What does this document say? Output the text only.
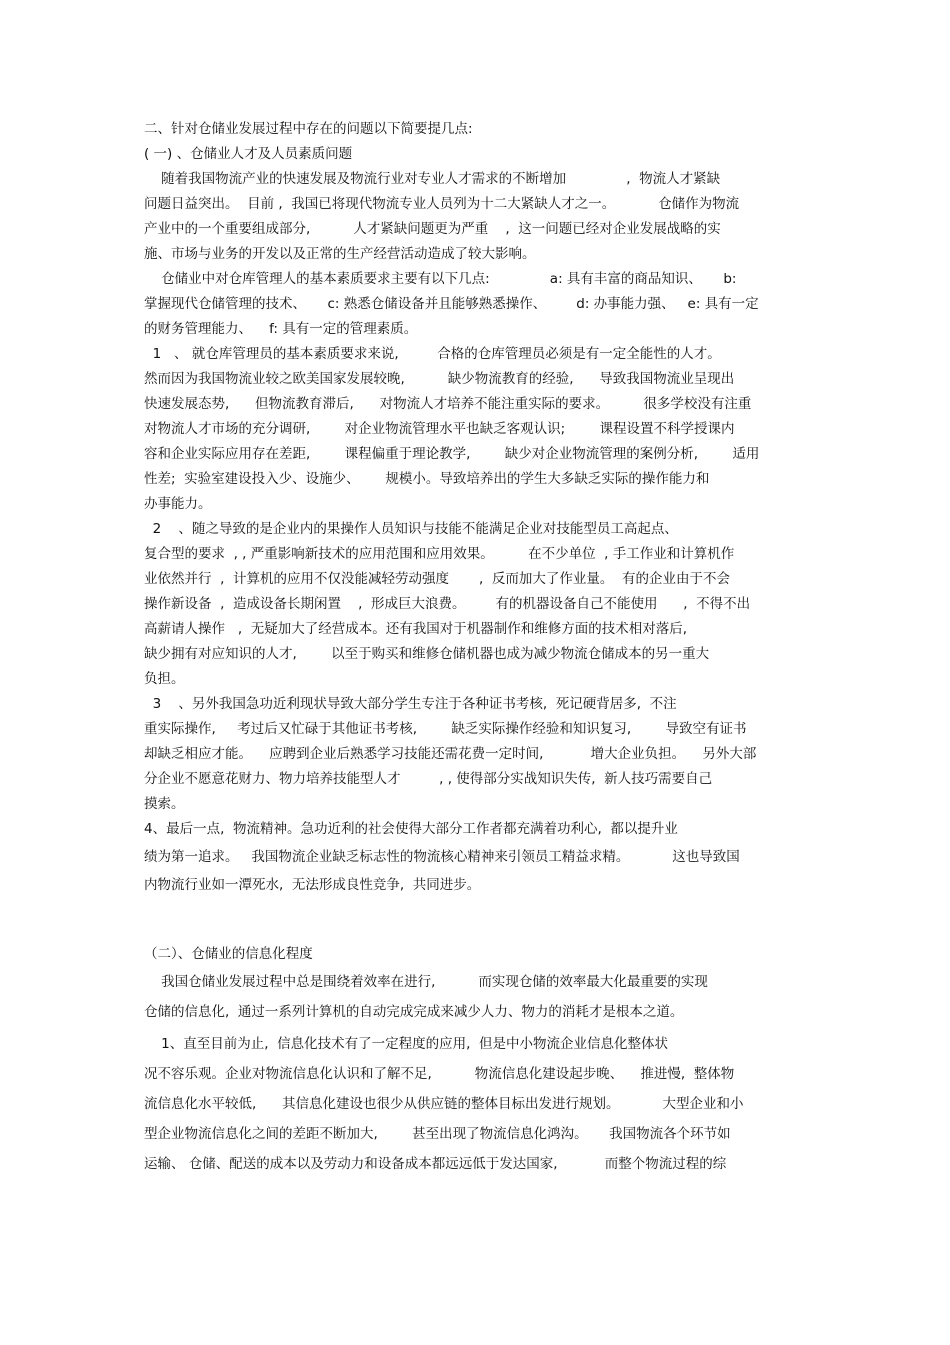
二、针对仓储业发展过程中存在的问题以下简要提几点:
( 一) 、仓储业人才及人员素质问题
随着我国物流产业的快速发展及物流行业对专业人才需求的不断增加              ,  物流人才紧缺
问题日益突出。  目前 ,  我国已将现代物流专业人员列为十二大紧缺人才之一。          仓储作为物流
产业中的一个重要组成部分,          人才紧缺问题更为严重    ,  这一问题已经对企业发展战略的实
施、市场与业务的开发以及正常的生产经营活动造成了较大影响。
仓储业中对仓库管理人的基本素质要求主要有以下几点:              a: 具有丰富的商品知识、     b:
掌握现代仓储管理的技术、     c: 熟悉仓储设备并且能够熟悉操作、       d: 办事能力强、   e: 具有一定
的财务管理能力、    f: 具有一定的管理素质。
1   、 就仓库管理员的基本素质要求来说,         合格的仓库管理员必须是有一定全能性的人才。
然而因为我国物流业较之欧美国家发展较晚,          缺少物流教育的经验,      导致我国物流业呈现出
快速发展态势,      但物流教育滞后,      对物流人才培养不能注重实际的要求。        很多学校没有注重
对物流人才市场的充分调研,        对企业物流管理水平也缺乏客观认识;        课程设置不科学授课内
容和企业实际应用存在差距,        课程偏重于理论教学,        缺少对企业物流管理的案例分析,        适用
性差;  实验室建设投入少、设施少、      规模小。导致培养出的学生大多缺乏实际的操作能力和
办事能力。
2    、随之导致的是企业内的果操作人员知识与技能不能满足企业对技能型员工高起点、
复合型的要求  , , 严重影响新技术的应用范围和应用效果。        在不少单位  , 手工作业和计算机作
业依然并行  ,  计算机的应用不仅没能减轻劳动强度       ,  反而加大了作业量。  有的企业由于不会
操作新设备  ,  造成设备长期闲置    ,  形成巨大浪费。       有的机器设备自己不能使用      ,  不得不出
高薪请人操作   ,  无疑加大了经营成本。还有我国对于机器制作和维修方面的技术相对落后,
缺少拥有对应知识的人才,        以至于购买和维修仓储机器也成为减少物流仓储成本的另一重大
负担。
3    、另外我国急功近利现状导致大部分学生专注于各种证书考核,  死记硬背居多,  不注
重实际操作,     考过后又忙碌于其他证书考核,        缺乏实际操作经验和知识复习,        导致空有证书
却缺乏相应才能。    应聘到企业后熟悉学习技能还需花费一定时间,           增大企业负担。    另外大部
分企业不愿意花财力、物力培养技能型人才         , , 使得部分实战知识失传,  新人技巧需要自己
摸索。
4、最后一点,  物流精神。急功近利的社会使得大部分工作者都充满着功利心,  都以提升业
绩为第一追求。   我国物流企业缺乏标志性的物流核心精神来引领员工精益求精。          这也导致国
内物流行业如一潭死水,  无法形成良性竞争,  共同进步。
（二）、仓储业的信息化程度
我国仓储业发展过程中总是围绕着效率在进行,          而实现仓储的效率最大化最重要的实现
仓储的信息化,  通过一系列计算机的自动完成完成来减少人力、物力的消耗才是根本之道。
1、直至目前为止,  信息化技术有了一定程度的应用,  但是中小物流企业信息化整体状
况不容乐观。企业对物流信息化认识和了解不足,          物流信息化建设起步晚、    推进慢,  整体物
流信息化水平较低,      其信息化建设也很少从供应链的整体目标出发进行规划。          大型企业和小
型企业物流信息化之间的差距不断加大,        甚至出现了物流信息化鸿沟。     我国物流各个环节如
运输、 仓储、配送的成本以及劳动力和设备成本都远远低于发达国家,           而整个物流过程的综
